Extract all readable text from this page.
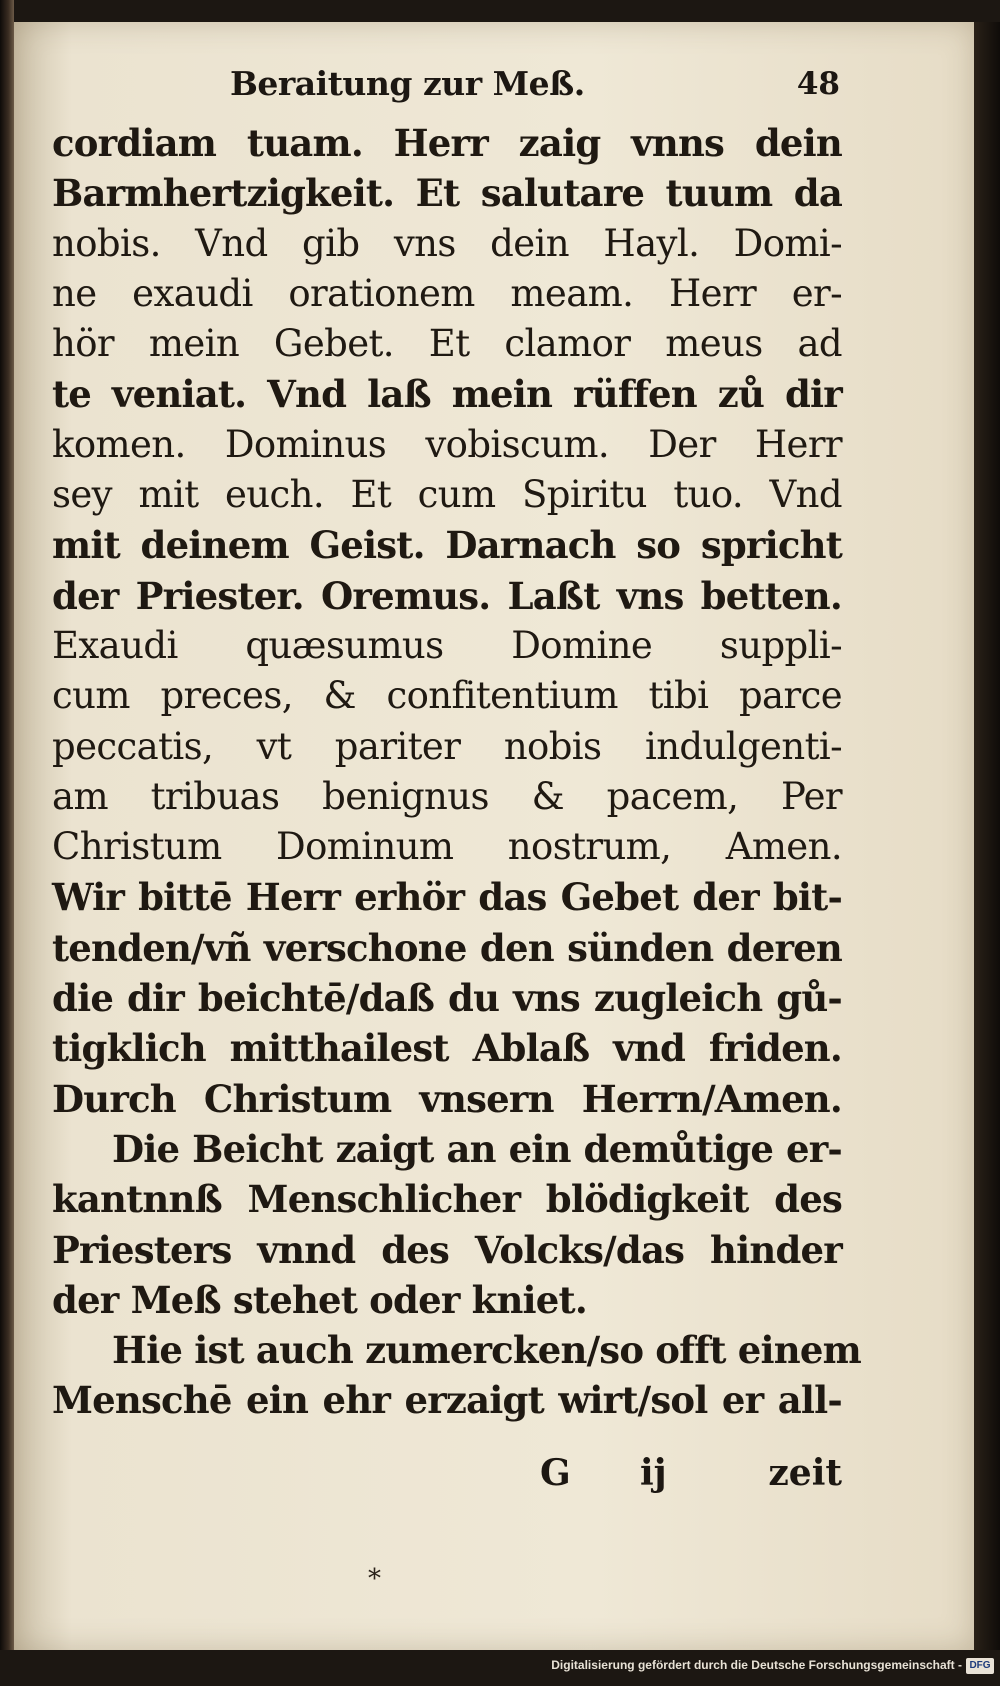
Beraitung zur Meß.	48
cordiam tuam. Herr zaig vnns dein
Barmhertzigkeit. Et salutare tuum da
nobis. Vnd gib vns dein Hayl. Domi-
ne exaudi orationem meam. Herr er-
hör mein Gebet. Et clamor meus ad
te veniat. Vnd laß mein rüffen zů dir
komen. Dominus vobiscum. Der Herr
sey mit euch. Et cum Spiritu tuo. Vnd
mit deinem Geist. Darnach so spricht
der Priester. Oremus. Laßt vns betten.
Exaudi quæsumus Domine suppli-
cum preces, & confitentium tibi parce
peccatis, vt pariter nobis indulgenti-
am tribuas benignus & pacem, Per
Christum Dominum nostrum, Amen.
Wir bittē Herr erhör das Gebet der bit-
tenden/vñ verschone den sünden deren
die dir beichtē/daß du vns zugleich gů-
tigklich mitthailest Ablaß vnd friden.
Durch Christum vnsern Herrn/Amen.
Die Beicht zaigt an ein demůtige er-
kantnnß Menschlicher blödigkeit des
Priesters vnnd des Volcks/das hinder
der Meß stehet oder kniet.
Hie ist auch zumercken/so offt einem
Menschē ein ehr erzaigt wirt/sol er all-
G ij	zeit
*
Digitalisierung gefördert durch die Deutsche Forschungsgemeinschaft - DFG
